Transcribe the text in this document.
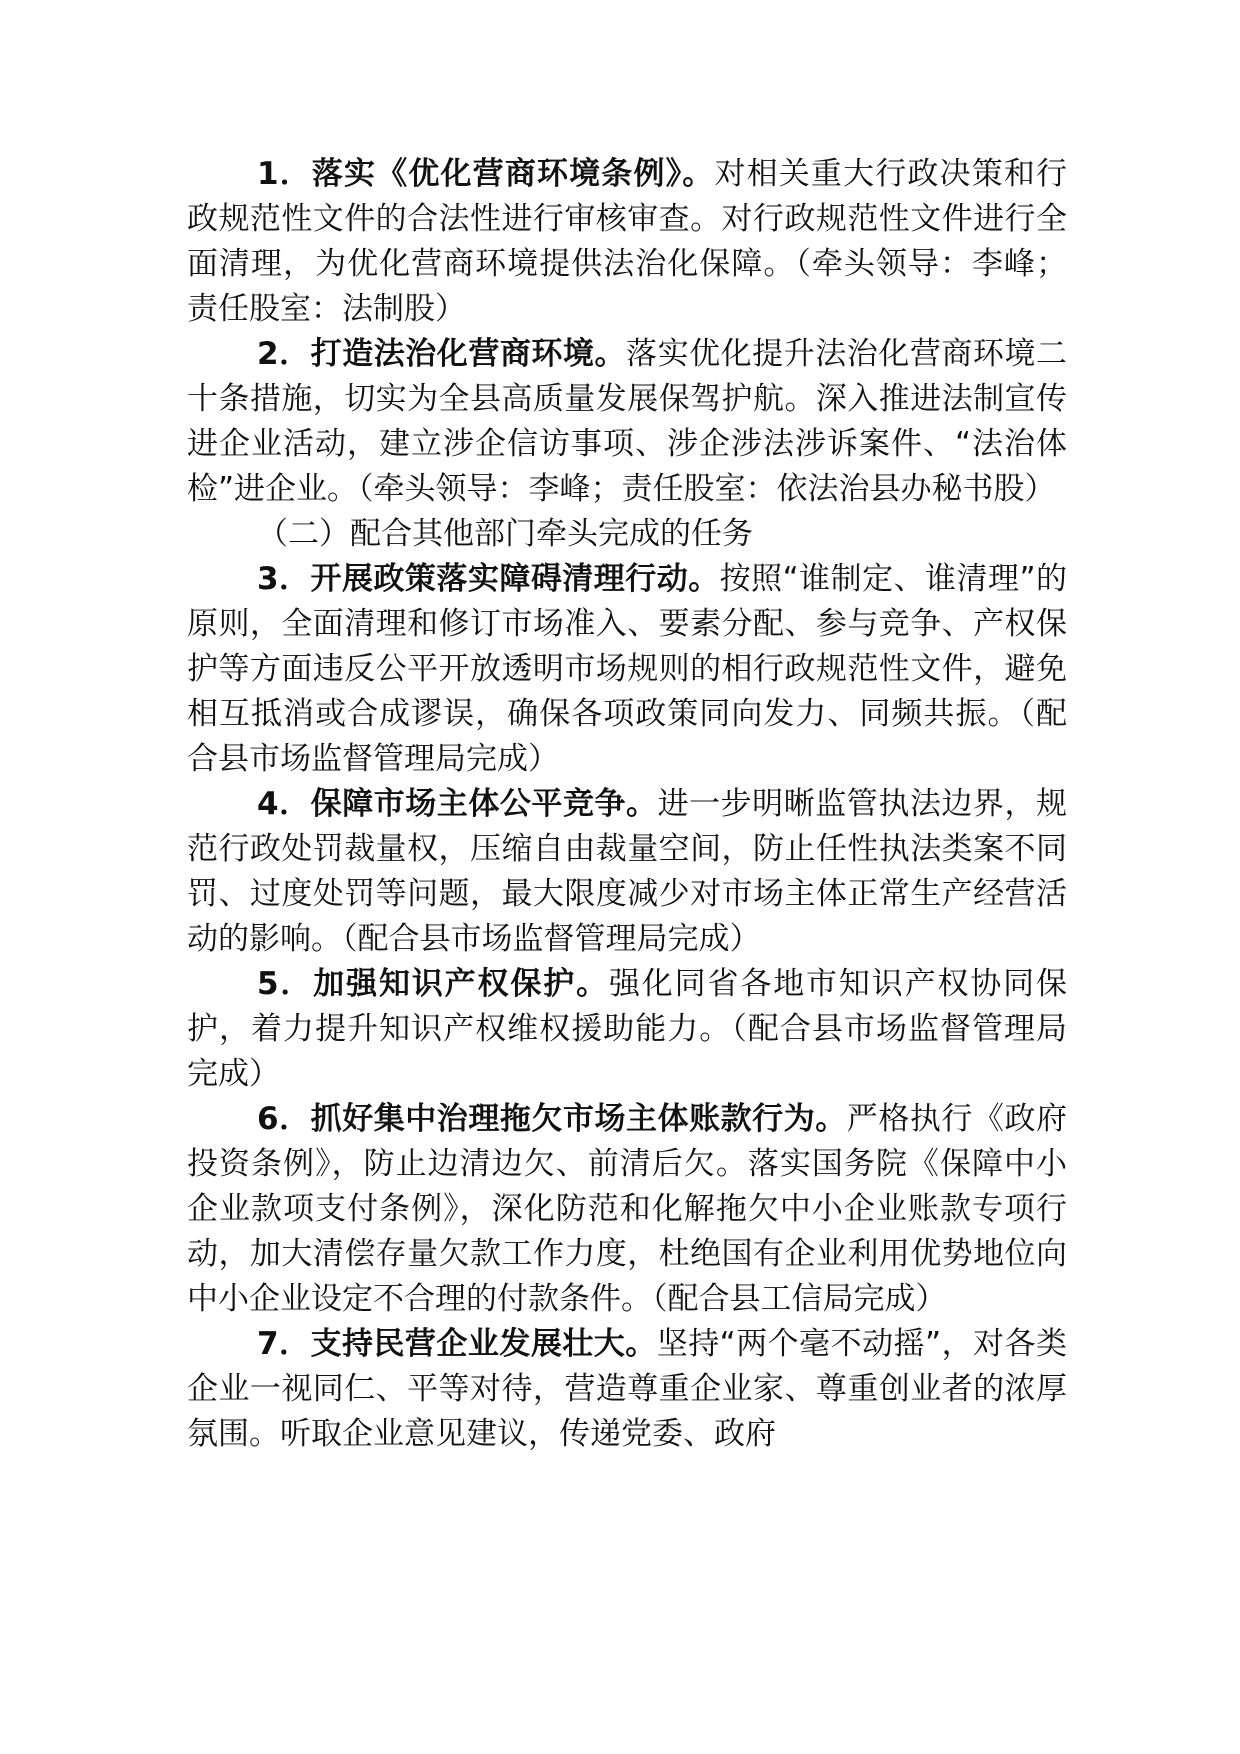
1．落实《优化营商环境条例》。对相关重大行政决策和行政规范性文件的合法性进行审核审查。对行政规范性文件进行全面清理，为优化营商环境提供法治化保障。（牵头领导：李峰；责任股室：法制股）

2．打造法治化营商环境。落实优化提升法治化营商环境二十条措施，切实为全县高质量发展保驾护航。深入推进法制宣传进企业活动，建立涉企信访事项、涉企涉法涉诉案件、“法治体检”进企业。（牵头领导：李峰；责任股室：依法治县办秘书股）

（二）配合其他部门牵头完成的任务

3．开展政策落实障碍清理行动。按照“谁制定、谁清理”的原则，全面清理和修订市场准入、要素分配、参与竞争、产权保护等方面违反公平开放透明市场规则的相行政规范性文件，避免相互抵消或合成谬误，确保各项政策同向发力、同频共振。（配合县市场监督管理局完成）

4．保障市场主体公平竞争。进一步明晰监管执法边界，规范行政处罚裁量权，压缩自由裁量空间，防止任性执法类案不同罚、过度处罚等问题，最大限度减少对市场主体正常生产经营活动的影响。（配合县市场监督管理局完成）

5．加强知识产权保护。强化同省各地市知识产权协同保护，着力提升知识产权维权援助能力。（配合县市场监督管理局完成）

6．抓好集中治理拖欠市场主体账款行为。严格执行《政府投资条例》，防止边清边欠、前清后欠。落实国务院《保障中小企业款项支付条例》，深化防范和化解拖欠中小企业账款专项行动，加大清偿存量欠款工作力度，杜绝国有企业利用优势地位向中小企业设定不合理的付款条件。（配合县工信局完成）

7．支持民营企业发展壮大。坚持“两个毫不动摇”，对各类企业一视同仁、平等对待，营造尊重企业家、尊重创业者的浓厚氛围。听取企业意见建议，传递党委、政府
